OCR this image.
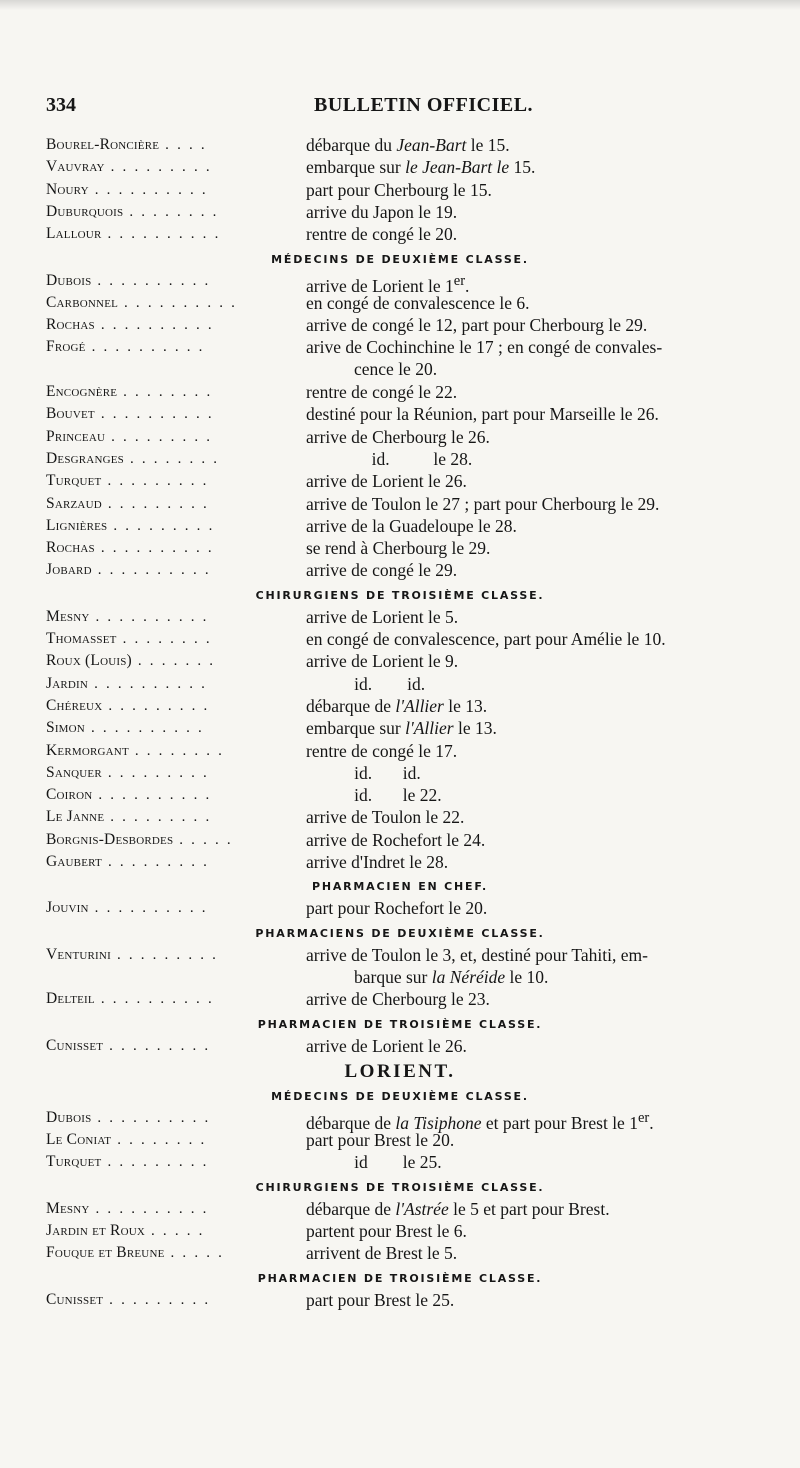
334	BULLETIN OFFICIEL.
Bourel-Roncière . . . .	débarque du Jean-Bart le 15.
Vauvray . . . . . . . . .	embarque sur le Jean-Bart le 15.
Noury . . . . . . . . . .	part pour Cherbourg le 15.
Duburquois . . . . . . . .	arrive du Japon le 19.
Lallour . . . . . . . . . .	rentre de congé le 20.
MÉDECINS DE DEUXIÈME CLASSE.
Dubois . . . . . . . . . .	arrive de Lorient le 1er.
Carbonnel . . . . . . . . . .	en congé de convalescence le 6.
Rochas . . . . . . . . . .	arrive de congé le 12, part pour Cherbourg le 29.
Frogé . . . . . . . . . .	arive de Cochinchine le 17 ; en congé de convales-
cence le 20.
Encognère . . . . . . . .	rentre de congé le 22.
Bouvet . . . . . . . . . .	destiné pour la Réunion, part pour Marseille le 26.
Princeau . . . . . . . . .	arrive de Cherbourg le 26.
Desgranges . . . . . . . .	id.          le 28.
Turquet . . . . . . . . .	arrive de Lorient le 26.
Sarzaud . . . . . . . . .	arrive de Toulon le 27 ; part pour Cherbourg le 29.
Lignières . . . . . . . . .	arrive de la Guadeloupe le 28.
Rochas . . . . . . . . . .	se rend à Cherbourg le 29.
Jobard . . . . . . . . . .	arrive de congé le 29.
CHIRURGIENS DE TROISIÈME CLASSE.
Mesny . . . . . . . . . .	arrive de Lorient le 5.
Thomasset . . . . . . . .	en congé de convalescence, part pour Amélie le 10.
Roux (Louis) . . . . . . .	arrive de Lorient le 9.
Jardin . . . . . . . . . .	id.        id.
Chéreux . . . . . . . . .	débarque de l'Allier le 13.
Simon . . . . . . . . . .	embarque sur l'Allier le 13.
Kermorgant . . . . . . . .	rentre de congé le 17.
Sanquer . . . . . . . . .	id.       id.
Coiron . . . . . . . . . .	id.       le 22.
Le Janne . . . . . . . . .	arrive de Toulon le 22.
Borgnis-Desbordes . . . . .	arrive de Rochefort le 24.
Gaubert . . . . . . . . .	arrive d'Indret le 28.
PHARMACIEN EN CHEF.
Jouvin . . . . . . . . . .	part pour Rochefort le 20.
PHARMACIENS DE DEUXIÈME CLASSE.
Venturini . . . . . . . . .	arrive de Toulon le 3, et, destiné pour Tahiti, em-
barque sur la Néréide le 10.
Delteil . . . . . . . . . .	arrive de Cherbourg le 23.
PHARMACIEN DE TROISIÈME CLASSE.
Cunisset . . . . . . . . .	arrive de Lorient le 26.
LORIENT.
MÉDECINS DE DEUXIÈME CLASSE.
Dubois . . . . . . . . . .	débarque de la Tisiphone et part pour Brest le 1er.
Le Coniat . . . . . . . .	part pour Brest le 20.
Turquet . . . . . . . . .	id        le 25.
CHIRURGIENS DE TROISIÈME CLASSE.
Mesny . . . . . . . . . .	débarque de l'Astrée le 5 et part pour Brest.
Jardin et Roux . . . . .	partent pour Brest le 6.
Fouque et Breune . . . . .	arrivent de Brest le 5.
PHARMACIEN DE TROISIÈME CLASSE.
Cunisset . . . . . . . . .	part pour Brest le 25.
